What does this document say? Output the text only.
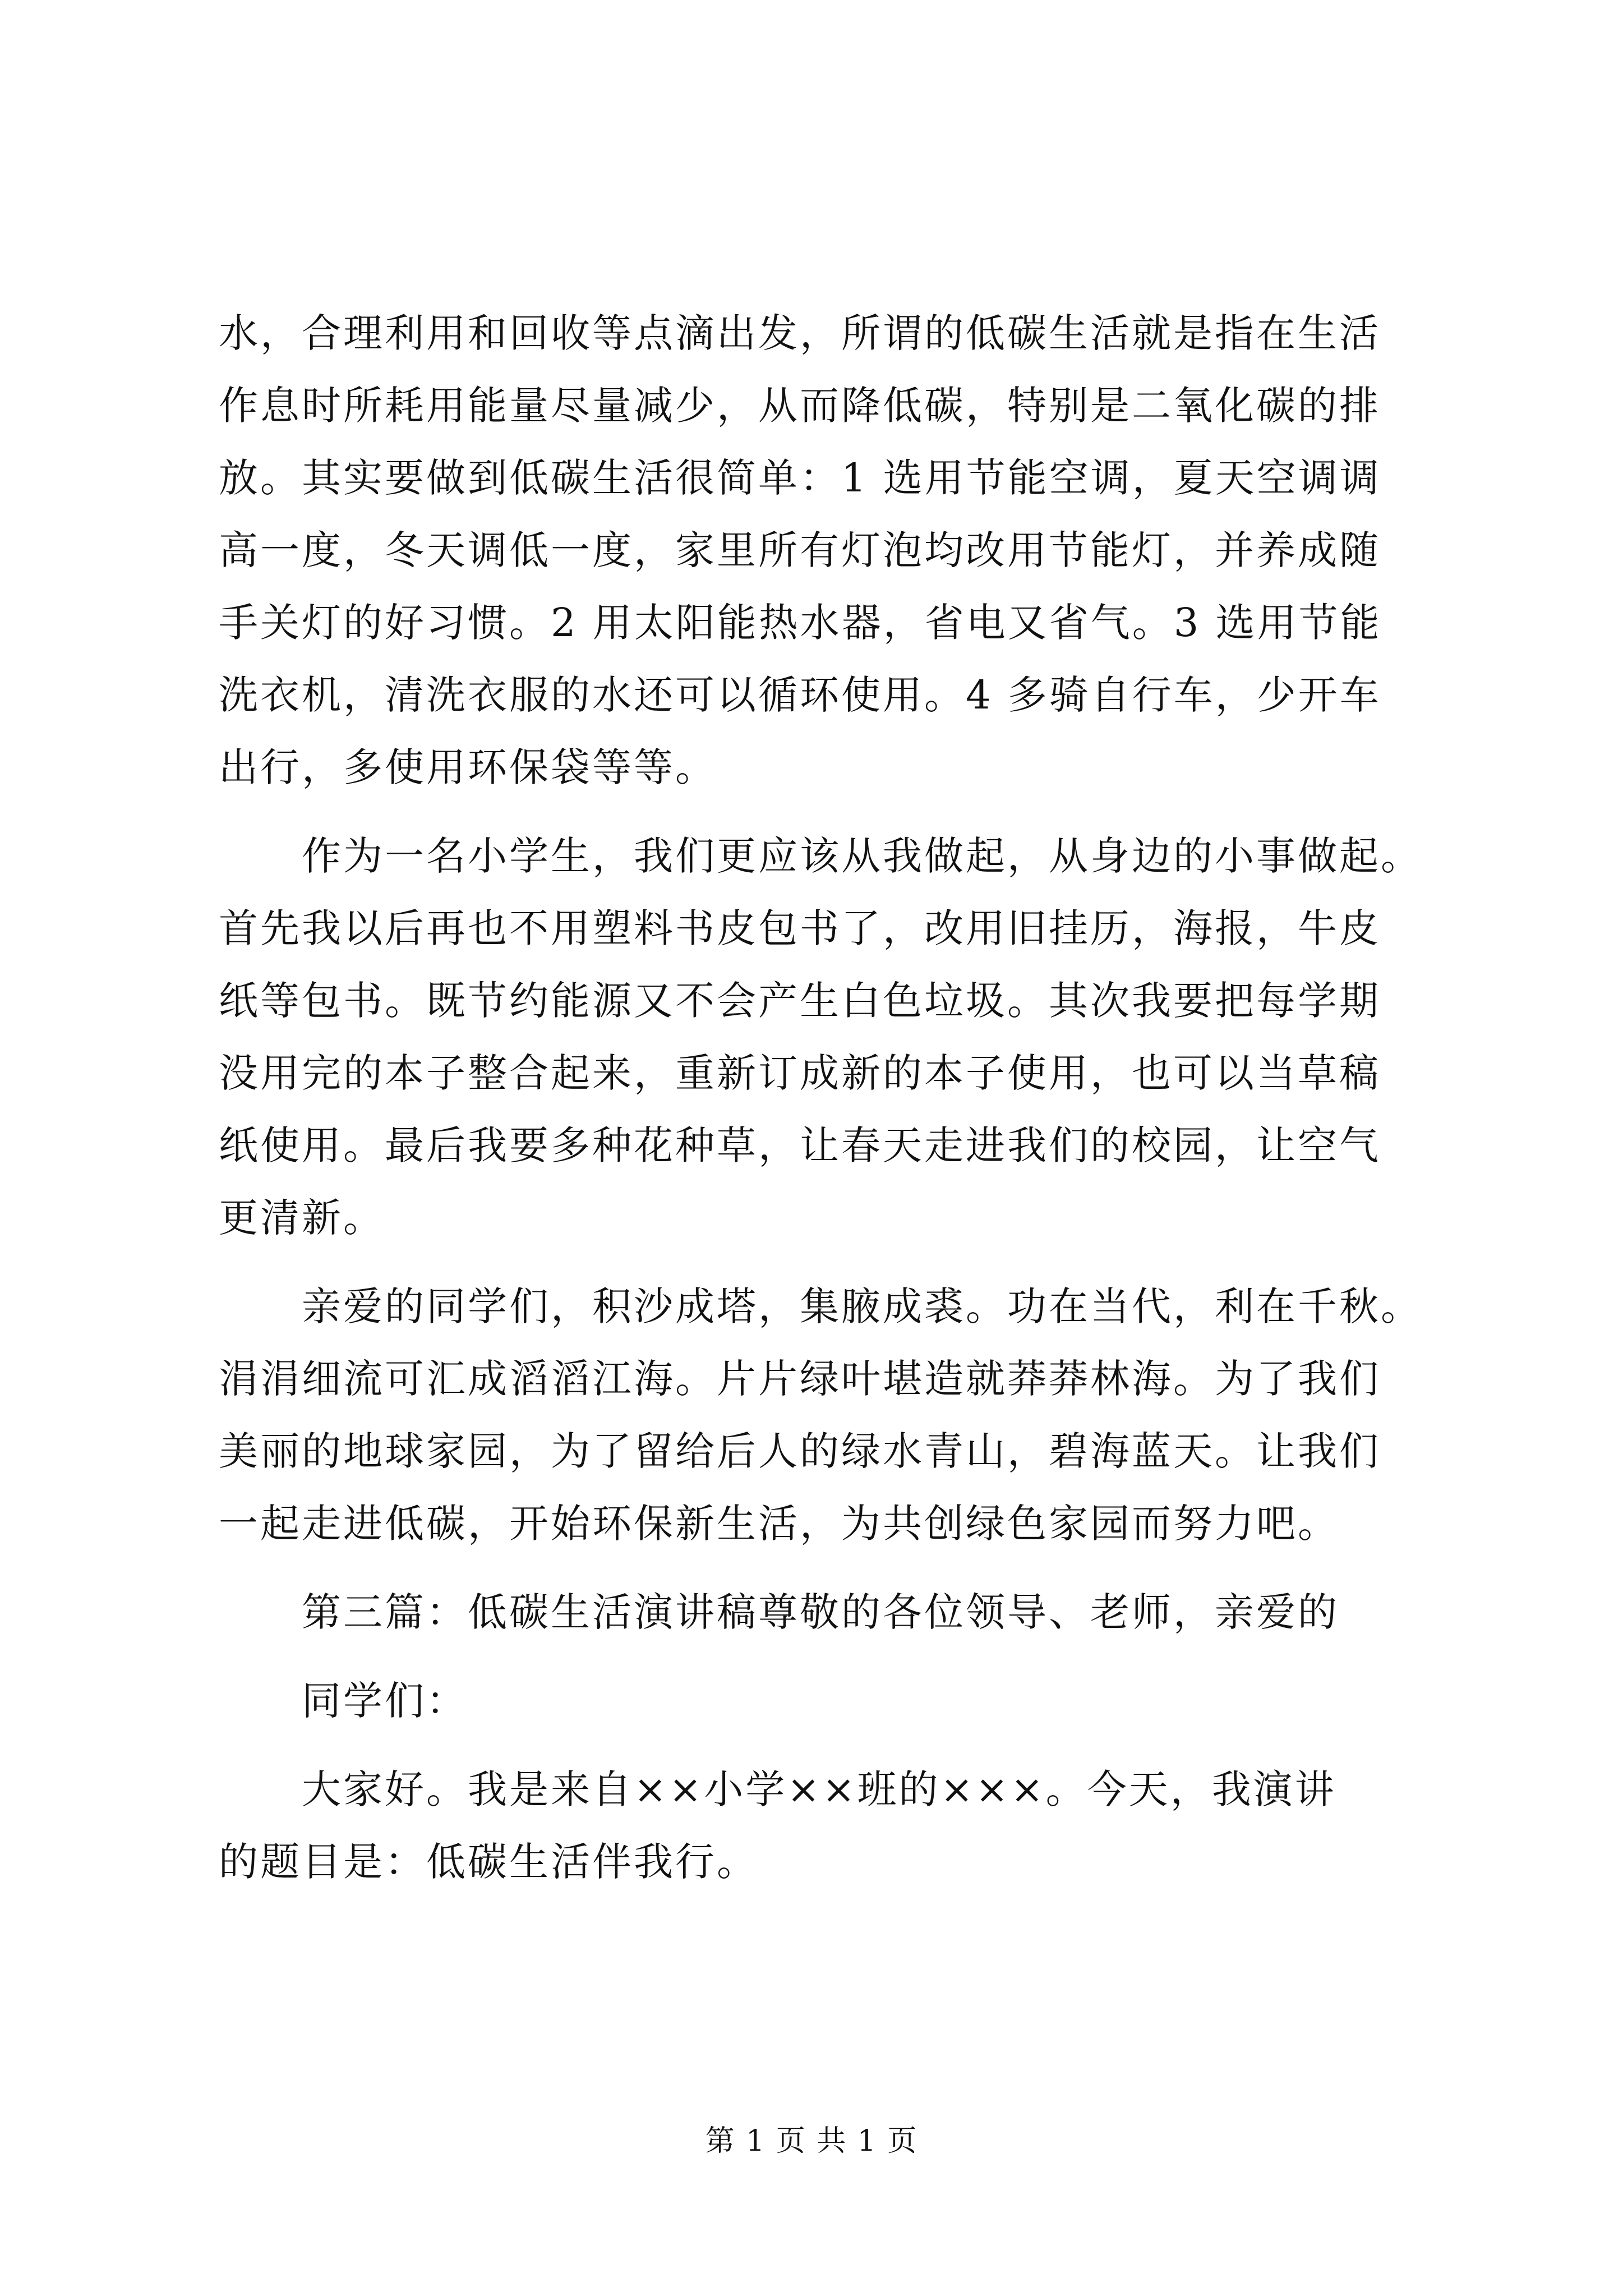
水，合理利用和回收等点滴出发，所谓的低碳生活就是指在生活
作息时所耗用能量尽量减少，从而降低碳，特别是二氧化碳的排
放。其实要做到低碳生活很简单：1 选用节能空调，夏天空调调
高一度，冬天调低一度，家里所有灯泡均改用节能灯，并养成随
手关灯的好习惯。2 用太阳能热水器，省电又省气。3 选用节能
洗衣机，清洗衣服的水还可以循环使用。4 多骑自行车，少开车
出行，多使用环保袋等等。
　　作为一名小学生，我们更应该从我做起，从身边的小事做起。
首先我以后再也不用塑料书皮包书了，改用旧挂历，海报，牛皮
纸等包书。既节约能源又不会产生白色垃圾。其次我要把每学期
没用完的本子整合起来，重新订成新的本子使用，也可以当草稿
纸使用。最后我要多种花种草，让春天走进我们的校园，让空气
更清新。
　　亲爱的同学们，积沙成塔，集腋成裘。功在当代，利在千秋。
涓涓细流可汇成滔滔江海。片片绿叶堪造就莽莽林海。为了我们
美丽的地球家园，为了留给后人的绿水青山，碧海蓝天。让我们
一起走进低碳，开始环保新生活，为共创绿色家园而努力吧。
　　第三篇：低碳生活演讲稿尊敬的各位领导、老师，亲爱的
　　同学们：
　　大家好。我是来自××小学××班的×××。今天，我演讲
的题目是：低碳生活伴我行。
第 1 页 共 1 页
